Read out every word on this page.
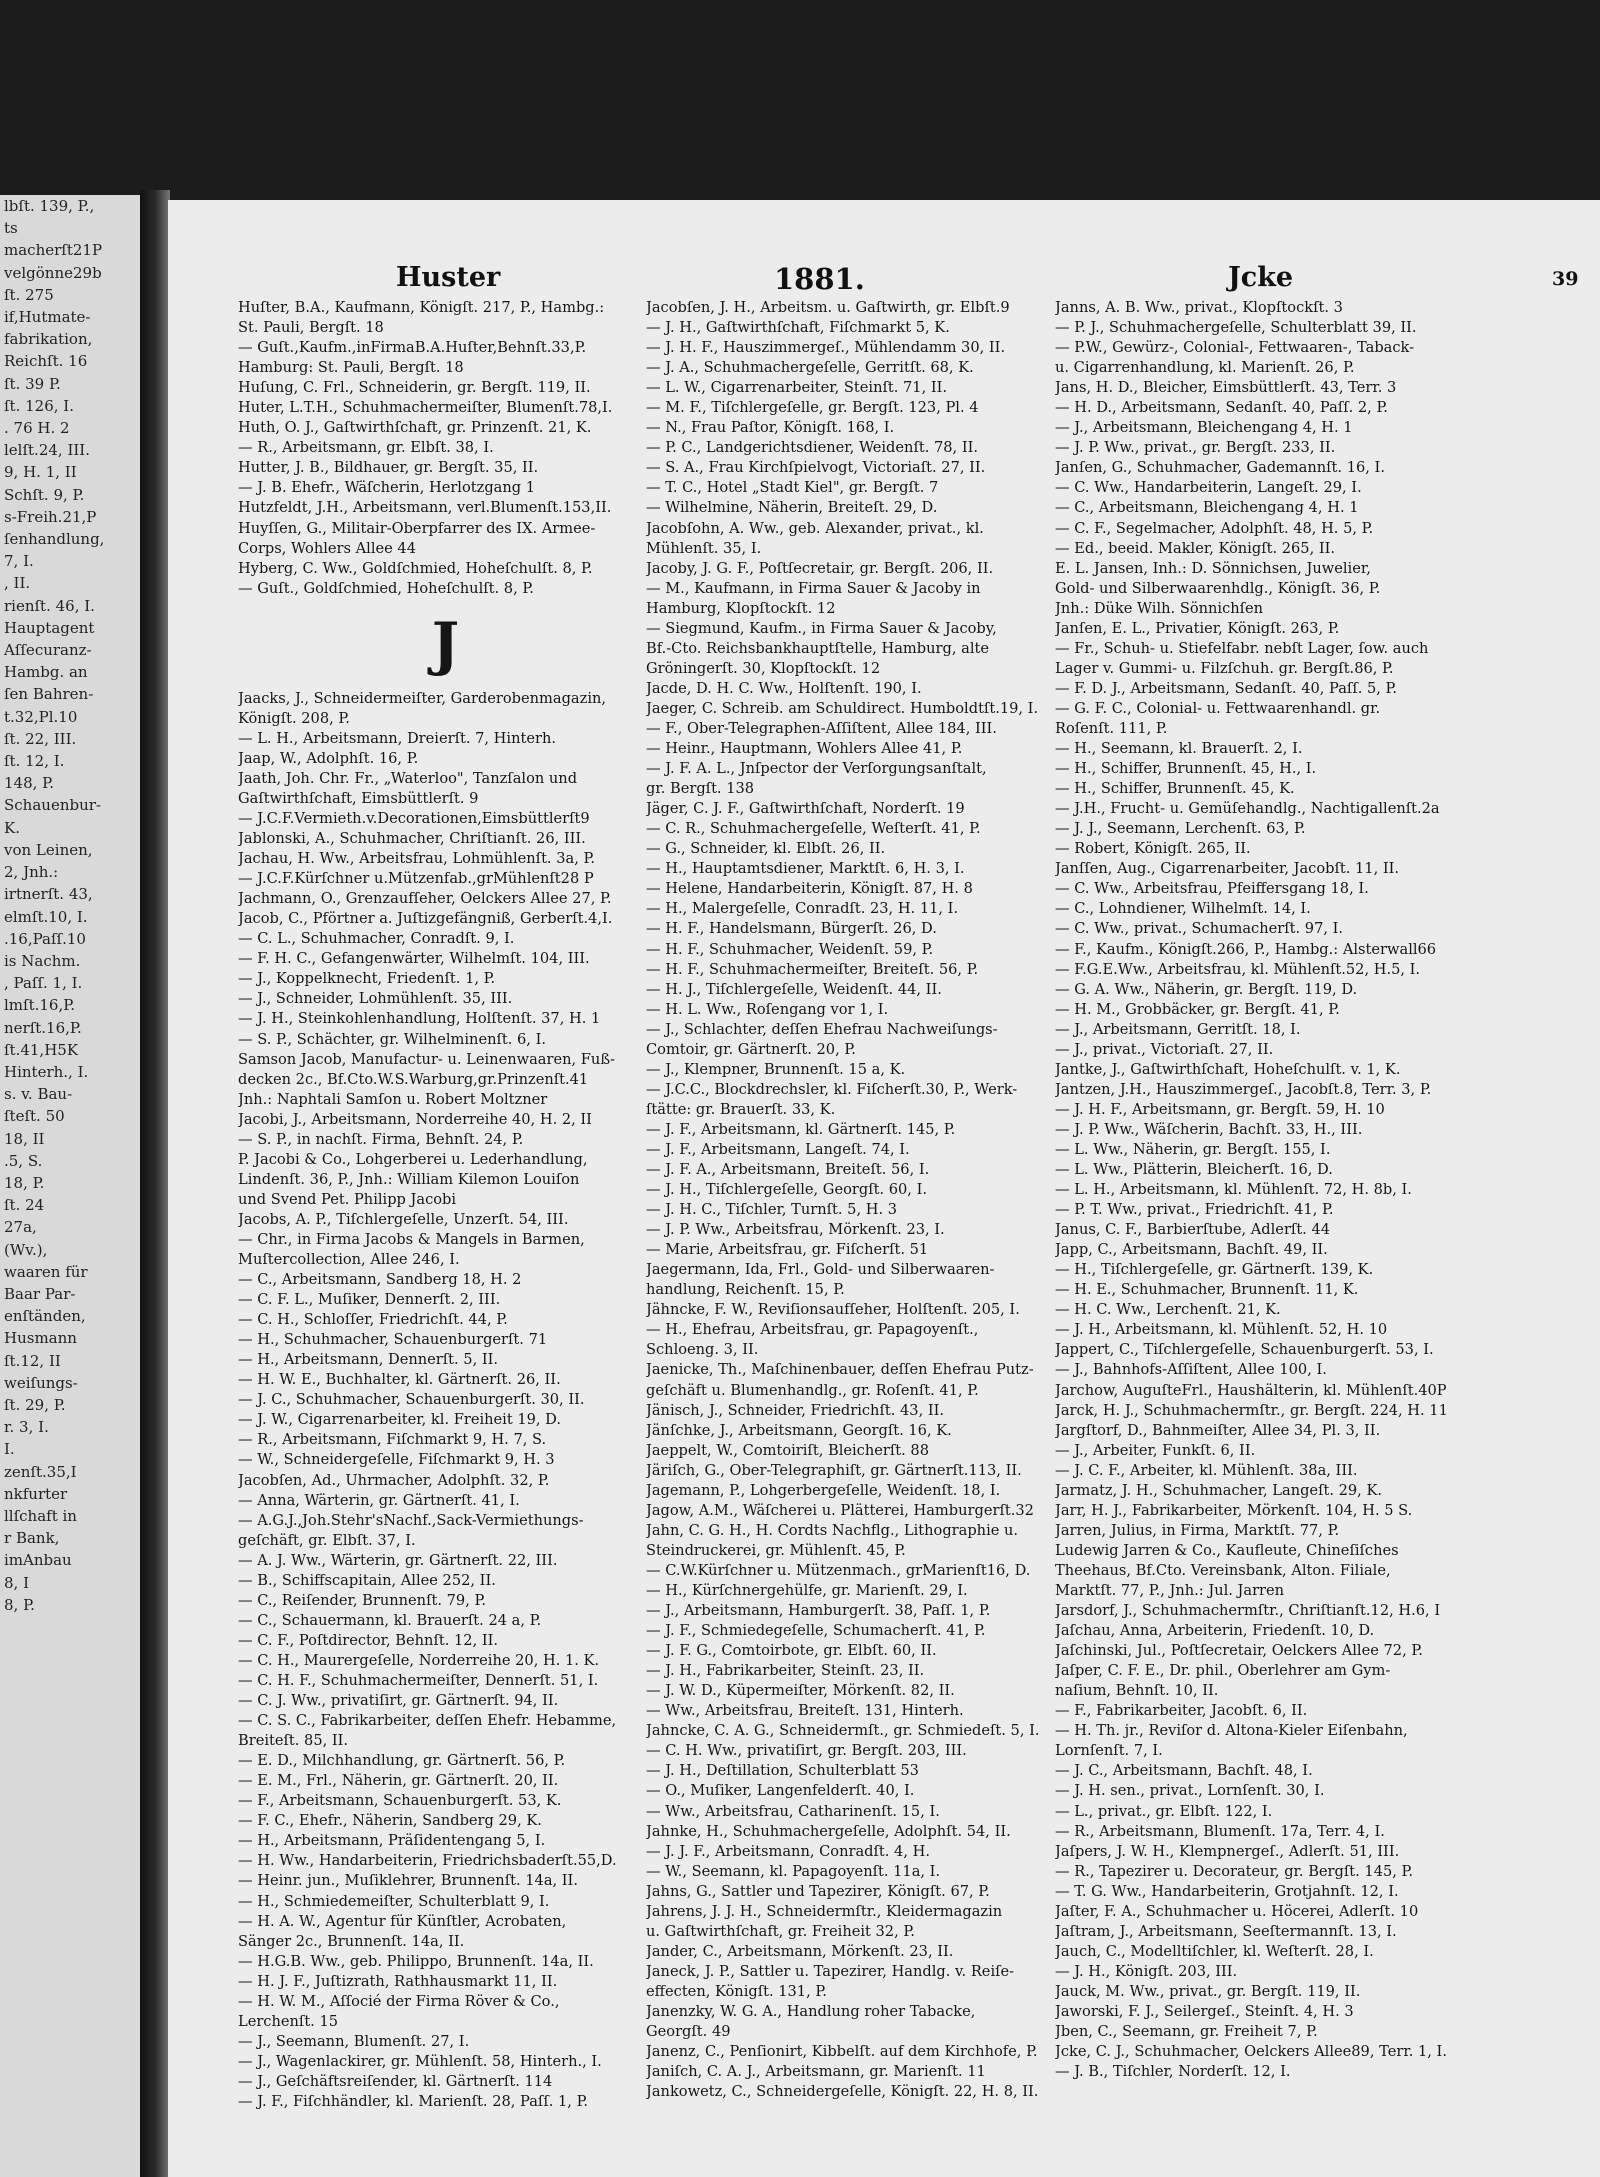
lbſt. 139, P.,
ts
macherſt21P
velgönne29b
ſt. 275
if,Hutmate-
fabrikation,
Reichſt. 16
ſt. 39 P.
ſt. 126, I.
. 76 H. 2
lelſt.24, III.
9, H. 1, II
Schſt. 9, P.
s-Freih.21,P
ſenhandlung,
7, I.
, II.
rienſt. 46, I.
Hauptagent
Aſſecuranz-
Hambg. an
ſen Bahren-
t.32,Pl.10
ſt. 22, III.
ſt. 12, I.
148, P.
Schauenbur-
K.
von Leinen,
2, Jnh.:
irtnerſt. 43,
elmſt.10, I.
.16,Paſſ.10
is Nachm.
, Paſſ. 1, I.
lmſt.16,P.
nerſt.16,P.
ſt.41,H5K
Hinterh., I.
s. v. Bau-
ſteſt. 50
18, II
.5, S.
18, P.
ſt. 24
27a,
(Wv.),
waaren für
Baar Par-
enſtänden,
Husmann
ſt.12, II
weiſungs-
ſt. 29, P.
r. 3, I.
I.
zenſt.35,I
nkfurter
llſchaft in
r Bank,
imAnbau
8, I
8, P.
Huster	1881.	Jcke	39
Huſter, B.A., Kaufmann, Königſt. 217, P., Hambg.:
St. Pauli, Bergſt. 18
— Guſt.,Kaufm.,inFirmaB.A.Huſter,Behnſt.33,P.
Hamburg: St. Pauli, Bergſt. 18
Huſung, C. Frl., Schneiderin, gr. Bergſt. 119, II.
Huter, L.T.H., Schuhmachermeiſter, Blumenſt.78,I.
Huth, O. J., Gaſtwirthſchaft, gr. Prinzenſt. 21, K.
— R., Arbeitsmann, gr. Elbſt. 38, I.
Hutter, J. B., Bildhauer, gr. Bergſt. 35, II.
— J. B. Ehefr., Wäſcherin, Herlotzgang 1
Hutzfeldt, J.H., Arbeitsmann, verl.Blumenſt.153,II.
Huyſſen, G., Militair-Oberpfarrer des IX. Armee-
Corps, Wohlers Allee 44
Hyberg, C. Ww., Goldſchmied, Hoheſchulſt. 8, P.
— Guſt., Goldſchmied, Hoheſchulſt. 8, P.
J
Jaacks, J., Schneidermeiſter, Garderobenmagazin,
Königſt. 208, P.
— L. H., Arbeitsmann, Dreierſt. 7, Hinterh.
Jaap, W., Adolphſt. 16, P.
Jaath, Joh. Chr. Fr., „Waterloo", Tanzſalon und
Gaſtwirthſchaft, Eimsbüttlerſt. 9
— J.C.F.Vermieth.v.Decorationen,Eimsbüttlerſt9
Jablonski, A., Schuhmacher, Chriſtianſt. 26, III.
Jachau, H. Ww., Arbeitsfrau, Lohmühlenſt. 3a, P.
— J.C.F.Kürſchner u.Mützenfab.,grMühlenſt28 P
Jachmann, O., Grenzaufſeher, Oelckers Allee 27, P.
Jacob, C., Pförtner a. Juſtizgefängniß, Gerberſt.4,I.
— C. L., Schuhmacher, Conradſt. 9, I.
— F. H. C., Gefangenwärter, Wilhelmſt. 104, III.
— J., Koppelknecht, Friedenſt. 1, P.
— J., Schneider, Lohmühlenſt. 35, III.
— J. H., Steinkohlenhandlung, Holſtenſt. 37, H. 1
— S. P., Schächter, gr. Wilhelminenſt. 6, I.
Samson Jacob, Manufactur- u. Leinenwaaren, Fuß-
decken 2c., Bf.Cto.W.S.Warburg,gr.Prinzenſt.41
Jnh.: Naphtali Samſon u. Robert Moltzner
Jacobi, J., Arbeitsmann, Norderreihe 40, H. 2, II
— S. P., in nachſt. Firma, Behnſt. 24, P.
P. Jacobi & Co., Lohgerberei u. Lederhandlung,
Lindenſt. 36, P., Jnh.: William Kilemon Louiſon
und Svend Pet. Philipp Jacobi
Jacobs, A. P., Tiſchlergeſelle, Unzerſt. 54, III.
— Chr., in Firma Jacobs & Mangels in Barmen,
Muſtercollection, Allee 246, I.
— C., Arbeitsmann, Sandberg 18, H. 2
— C. F. L., Muſiker, Dennerſt. 2, III.
— C. H., Schloſſer, Friedrichſt. 44, P.
— H., Schuhmacher, Schauenburgerſt. 71
— H., Arbeitsmann, Dennerſt. 5, II.
— H. W. E., Buchhalter, kl. Gärtnerſt. 26, II.
— J. C., Schuhmacher, Schauenburgerſt. 30, II.
— J. W., Cigarrenarbeiter, kl. Freiheit 19, D.
— R., Arbeitsmann, Fiſchmarkt 9, H. 7, S.
— W., Schneidergeſelle, Fiſchmarkt 9, H. 3
Jacobſen, Ad., Uhrmacher, Adolphſt. 32, P.
— Anna, Wärterin, gr. Gärtnerſt. 41, I.
— A.G.J.,Joh.Stehr'sNachf.,Sack-Vermiethungs-
geſchäft, gr. Elbſt. 37, I.
— A. J. Ww., Wärterin, gr. Gärtnerſt. 22, III.
— B., Schiffscapitain, Allee 252, II.
— C., Reiſender, Brunnenſt. 79, P.
— C., Schauermann, kl. Brauerſt. 24 a, P.
— C. F., Poſtdirector, Behnſt. 12, II.
— C. H., Maurergeſelle, Norderreihe 20, H. 1. K.
— C. H. F., Schuhmachermeiſter, Dennerſt. 51, I.
— C. J. Ww., privatiſirt, gr. Gärtnerſt. 94, II.
— C. S. C., Fabrikarbeiter, deſſen Ehefr. Hebamme,
Breiteſt. 85, II.
— E. D., Milchhandlung, gr. Gärtnerſt. 56, P.
— E. M., Frl., Näherin, gr. Gärtnerſt. 20, II.
— F., Arbeitsmann, Schauenburgerſt. 53, K.
— F. C., Ehefr., Näherin, Sandberg 29, K.
— H., Arbeitsmann, Präſidentengang 5, I.
— H. Ww., Handarbeiterin, Friedrichsbaderſt.55,D.
— Heinr. jun., Muſiklehrer, Brunnenſt. 14a, II.
— H., Schmiedemeiſter, Schulterblatt 9, I.
— H. A. W., Agentur für Künſtler, Acrobaten,
Sänger 2c., Brunnenſt. 14a, II.
— H.G.B. Ww., geb. Philippo, Brunnenſt. 14a, II.
— H. J. F., Juſtizrath, Rathhausmarkt 11, II.
— H. W. M., Aſſocié der Firma Röver & Co.,
Lerchenſt. 15
— J., Seemann, Blumenſt. 27, I.
— J., Wagenlackirer, gr. Mühlenſt. 58, Hinterh., I.
— J., Geſchäftsreiſender, kl. Gärtnerſt. 114
— J. F., Fiſchhändler, kl. Marienſt. 28, Paſſ. 1, P.
Jacobſen, J. H., Arbeitsm. u. Gaſtwirth, gr. Elbſt.9
— J. H., Gaſtwirthſchaft, Fiſchmarkt 5, K.
— J. H. F., Hauszimmergeſ., Mühlendamm 30, II.
— J. A., Schuhmachergeſelle, Gerritſt. 68, K.
— L. W., Cigarrenarbeiter, Steinſt. 71, II.
— M. F., Tiſchlergeſelle, gr. Bergſt. 123, Pl. 4
— N., Frau Paſtor, Königſt. 168, I.
— P. C., Landgerichtsdiener, Weidenſt. 78, II.
— S. A., Frau Kirchſpielvogt, Victoriaſt. 27, II.
— T. C., Hotel „Stadt Kiel", gr. Bergſt. 7
— Wilhelmine, Näherin, Breiteſt. 29, D.
Jacobſohn, A. Ww., geb. Alexander, privat., kl.
Mühlenſt. 35, I.
Jacoby, J. G. F., Poſtſecretair, gr. Bergſt. 206, II.
— M., Kaufmann, in Firma Sauer & Jacoby in
Hamburg, Klopſtockſt. 12
— Siegmund, Kaufm., in Firma Sauer & Jacoby,
Bf.-Cto. Reichsbankhauptſtelle, Hamburg, alte
Gröningerſt. 30, Klopſtockſt. 12
Jacde, D. H. C. Ww., Holſtenſt. 190, I.
Jaeger, C. Schreib. am Schuldirect. Humboldtſt.19, I.
— F., Ober-Telegraphen-Aſſiſtent, Allee 184, III.
— Heinr., Hauptmann, Wohlers Allee 41, P.
— J. F. A. L., Jnſpector der Verſorgungsanſtalt,
gr. Bergſt. 138
Jäger, C. J. F., Gaſtwirthſchaft, Norderſt. 19
— C. R., Schuhmachergeſelle, Weſterſt. 41, P.
— G., Schneider, kl. Elbſt. 26, II.
— H., Hauptamtsdiener, Marktſt. 6, H. 3, I.
— Helene, Handarbeiterin, Königſt. 87, H. 8
— H., Malergeſelle, Conradſt. 23, H. 11, I.
— H. F., Handelsmann, Bürgerſt. 26, D.
— H. F., Schuhmacher, Weidenſt. 59, P.
— H. F., Schuhmachermeiſter, Breiteſt. 56, P.
— H. J., Tiſchlergeſelle, Weidenſt. 44, II.
— H. L. Ww., Roſengang vor 1, I.
— J., Schlachter, deſſen Ehefrau Nachweiſungs-
Comtoir, gr. Gärtnerſt. 20, P.
— J., Klempner, Brunnenſt. 15 a, K.
— J.C.C., Blockdrechsler, kl. Fiſcherſt.30, P., Werk-
ſtätte: gr. Brauerſt. 33, K.
— J. F., Arbeitsmann, kl. Gärtnerſt. 145, P.
— J. F., Arbeitsmann, Langeſt. 74, I.
— J. F. A., Arbeitsmann, Breiteſt. 56, I.
— J. H., Tiſchlergeſelle, Georgſt. 60, I.
— J. H. C., Tiſchler, Turnſt. 5, H. 3
— J. P. Ww., Arbeitsfrau, Mörkenſt. 23, I.
— Marie, Arbeitsfrau, gr. Fiſcherſt. 51
Jaegermann, Ida, Frl., Gold- und Silberwaaren-
handlung, Reichenſt. 15, P.
Jähncke, F. W., Reviſionsaufſeher, Holſtenſt. 205, I.
— H., Ehefrau, Arbeitsfrau, gr. Papagoyenſt.,
Schloeng. 3, II.
Jaenicke, Th., Maſchinenbauer, deſſen Ehefrau Putz-
geſchäft u. Blumenhandlg., gr. Roſenſt. 41, P.
Jänisch, J., Schneider, Friedrichſt. 43, II.
Jänſchke, J., Arbeitsmann, Georgſt. 16, K.
Jaeppelt, W., Comtoiriſt, Bleicherſt. 88
Järiſch, G., Ober-Telegraphiſt, gr. Gärtnerſt.113, II.
Jagemann, P., Lohgerbergeſelle, Weidenſt. 18, I.
Jagow, A.M., Wäſcherei u. Plätterei, Hamburgerſt.32
Jahn, C. G. H., H. Cordts Nachflg., Lithographie u.
Steindruckerei, gr. Mühlenſt. 45, P.
— C.W.Kürſchner u. Mützenmach., grMarienſt16, D.
— H., Kürſchnergehülfe, gr. Marienſt. 29, I.
— J., Arbeitsmann, Hamburgerſt. 38, Paſſ. 1, P.
— J. F., Schmiedegeſelle, Schumacherſt. 41, P.
— J. F. G., Comtoirbote, gr. Elbſt. 60, II.
— J. H., Fabrikarbeiter, Steinſt. 23, II.
— J. W. D., Küpermeiſter, Mörkenſt. 82, II.
— Ww., Arbeitsfrau, Breiteſt. 131, Hinterh.
Jahncke, C. A. G., Schneidermſt., gr. Schmiedeſt. 5, I.
— C. H. Ww., privatiſirt, gr. Bergſt. 203, III.
— J. H., Deſtillation, Schulterblatt 53
— O., Muſiker, Langenfelderſt. 40, I.
— Ww., Arbeitsfrau, Catharinenſt. 15, I.
Jahnke, H., Schuhmachergeſelle, Adolphſt. 54, II.
— J. J. F., Arbeitsmann, Conradſt. 4, H.
— W., Seemann, kl. Papagoyenſt. 11a, I.
Jahns, G., Sattler und Tapezirer, Königſt. 67, P.
Jahrens, J. J. H., Schneidermſtr., Kleidermagazin
u. Gaſtwirthſchaft, gr. Freiheit 32, P.
Jander, C., Arbeitsmann, Mörkenſt. 23, II.
Janeck, J. P., Sattler u. Tapezirer, Handlg. v. Reiſe-
effecten, Königſt. 131, P.
Janenzky, W. G. A., Handlung roher Tabacke,
Georgſt. 49
Janenz, C., Penſionirt, Kibbelſt. auf dem Kirchhofe, P.
Janiſch, C. A. J., Arbeitsmann, gr. Marienſt. 11
Jankowetz, C., Schneidergeſelle, Königſt. 22, H. 8, II.
Janns, A. B. Ww., privat., Klopſtockſt. 3
— P. J., Schuhmachergeſelle, Schulterblatt 39, II.
— P.W., Gewürz-, Colonial-, Fettwaaren-, Taback-
u. Cigarrenhandlung, kl. Marienſt. 26, P.
Jans, H. D., Bleicher, Eimsbüttlerſt. 43, Terr. 3
— H. D., Arbeitsmann, Sedanſt. 40, Paſſ. 2, P.
— J., Arbeitsmann, Bleichengang 4, H. 1
— J. P. Ww., privat., gr. Bergſt. 233, II.
Janſen, G., Schuhmacher, Gademannſt. 16, I.
— C. Ww., Handarbeiterin, Langeſt. 29, I.
— C., Arbeitsmann, Bleichengang 4, H. 1
— C. F., Segelmacher, Adolphſt. 48, H. 5, P.
— Ed., beeid. Makler, Königſt. 265, II.
E. L. Jansen, Inh.: D. Sönnichsen, Juwelier,
Gold- und Silberwaarenhdlg., Königſt. 36, P.
Jnh.: Düke Wilh. Sönnichſen
Janſen, E. L., Privatier, Königſt. 263, P.
— Fr., Schuh- u. Stiefelfabr. nebſt Lager, ſow. auch
Lager v. Gummi- u. Filzſchuh. gr. Bergſt.86, P.
— F. D. J., Arbeitsmann, Sedanſt. 40, Paſſ. 5, P.
— G. F. C., Colonial- u. Fettwaarenhandl. gr.
Roſenſt. 111, P.
— H., Seemann, kl. Brauerſt. 2, I.
— H., Schiffer, Brunnenſt. 45, H., I.
— H., Schiffer, Brunnenſt. 45, K.
— J.H., Frucht- u. Gemüſehandlg., Nachtigallenſt.2a
— J. J., Seemann, Lerchenſt. 63, P.
— Robert, Königſt. 265, II.
Janſſen, Aug., Cigarrenarbeiter, Jacobſt. 11, II.
— C. Ww., Arbeitsfrau, Pfeiffersgang 18, I.
— C., Lohndiener, Wilhelmſt. 14, I.
— C. Ww., privat., Schumacherſt. 97, I.
— F., Kaufm., Königſt.266, P., Hambg.: Alsterwall66
— F.G.E.Ww., Arbeitsfrau, kl. Mühlenſt.52, H.5, I.
— G. A. Ww., Näherin, gr. Bergſt. 119, D.
— H. M., Grobbäcker, gr. Bergſt. 41, P.
— J., Arbeitsmann, Gerritſt. 18, I.
— J., privat., Victoriaſt. 27, II.
Jantke, J., Gaſtwirthſchaft, Hoheſchulſt. v. 1, K.
Jantzen, J.H., Hauszimmergeſ., Jacobſt.8, Terr. 3, P.
— J. H. F., Arbeitsmann, gr. Bergſt. 59, H. 10
— J. P. Ww., Wäſcherin, Bachſt. 33, H., III.
— L. Ww., Näherin, gr. Bergſt. 155, I.
— L. Ww., Plätterin, Bleicherſt. 16, D.
— L. H., Arbeitsmann, kl. Mühlenſt. 72, H. 8b, I.
— P. T. Ww., privat., Friedrichſt. 41, P.
Janus, C. F., Barbierſtube, Adlerſt. 44
Japp, C., Arbeitsmann, Bachſt. 49, II.
— H., Tiſchlergeſelle, gr. Gärtnerſt. 139, K.
— H. E., Schuhmacher, Brunnenſt. 11, K.
— H. C. Ww., Lerchenſt. 21, K.
— J. H., Arbeitsmann, kl. Mühlenſt. 52, H. 10
Jappert, C., Tiſchlergeſelle, Schauenburgerſt. 53, I.
— J., Bahnhofs-Aſſiſtent, Allee 100, I.
Jarchow, AuguſteFrl., Haushälterin, kl. Mühlenſt.40P
Jarck, H. J., Schuhmachermſtr., gr. Bergſt. 224, H. 11
Jargſtorf, D., Bahnmeiſter, Allee 34, Pl. 3, II.
— J., Arbeiter, Funkſt. 6, II.
— J. C. F., Arbeiter, kl. Mühlenſt. 38a, III.
Jarmatz, J. H., Schuhmacher, Langeſt. 29, K.
Jarr, H. J., Fabrikarbeiter, Mörkenſt. 104, H. 5 S.
Jarren, Julius, in Firma, Marktſt. 77, P.
Ludewig Jarren & Co., Kaufleute, Chineſiſches
Theehaus, Bf.Cto. Vereinsbank, Alton. Filiale,
Marktſt. 77, P., Jnh.: Jul. Jarren
Jarsdorf, J., Schuhmachermſtr., Chriſtianſt.12, H.6, I
Jaſchau, Anna, Arbeiterin, Friedenſt. 10, D.
Jaſchinski, Jul., Poſtſecretair, Oelckers Allee 72, P.
Jaſper, C. F. E., Dr. phil., Oberlehrer am Gym-
naſium, Behnſt. 10, II.
— F., Fabrikarbeiter, Jacobſt. 6, II.
— H. Th. jr., Reviſor d. Altona-Kieler Eiſenbahn,
Lornſenſt. 7, I.
— J. C., Arbeitsmann, Bachſt. 48, I.
— J. H. sen., privat., Lornſenſt. 30, I.
— L., privat., gr. Elbſt. 122, I.
— R., Arbeitsmann, Blumenſt. 17a, Terr. 4, I.
Jaſpers, J. W. H., Klempnergeſ., Adlerſt. 51, III.
— R., Tapezirer u. Decorateur, gr. Bergſt. 145, P.
— T. G. Ww., Handarbeiterin, Grotjahnſt. 12, I.
Jaſter, F. A., Schuhmacher u. Höcerei, Adlerſt. 10
Jaſtram, J., Arbeitsmann, Seeſtermannſt. 13, I.
Jauch, C., Modelltiſchler, kl. Weſterſt. 28, I.
— J. H., Königſt. 203, III.
Jauck, M. Ww., privat., gr. Bergſt. 119, II.
Jaworski, F. J., Seilergeſ., Steinſt. 4, H. 3
Jben, C., Seemann, gr. Freiheit 7, P.
Jcke, C. J., Schuhmacher, Oelckers Allee89, Terr. 1, I.
— J. B., Tiſchler, Norderſt. 12, I.
